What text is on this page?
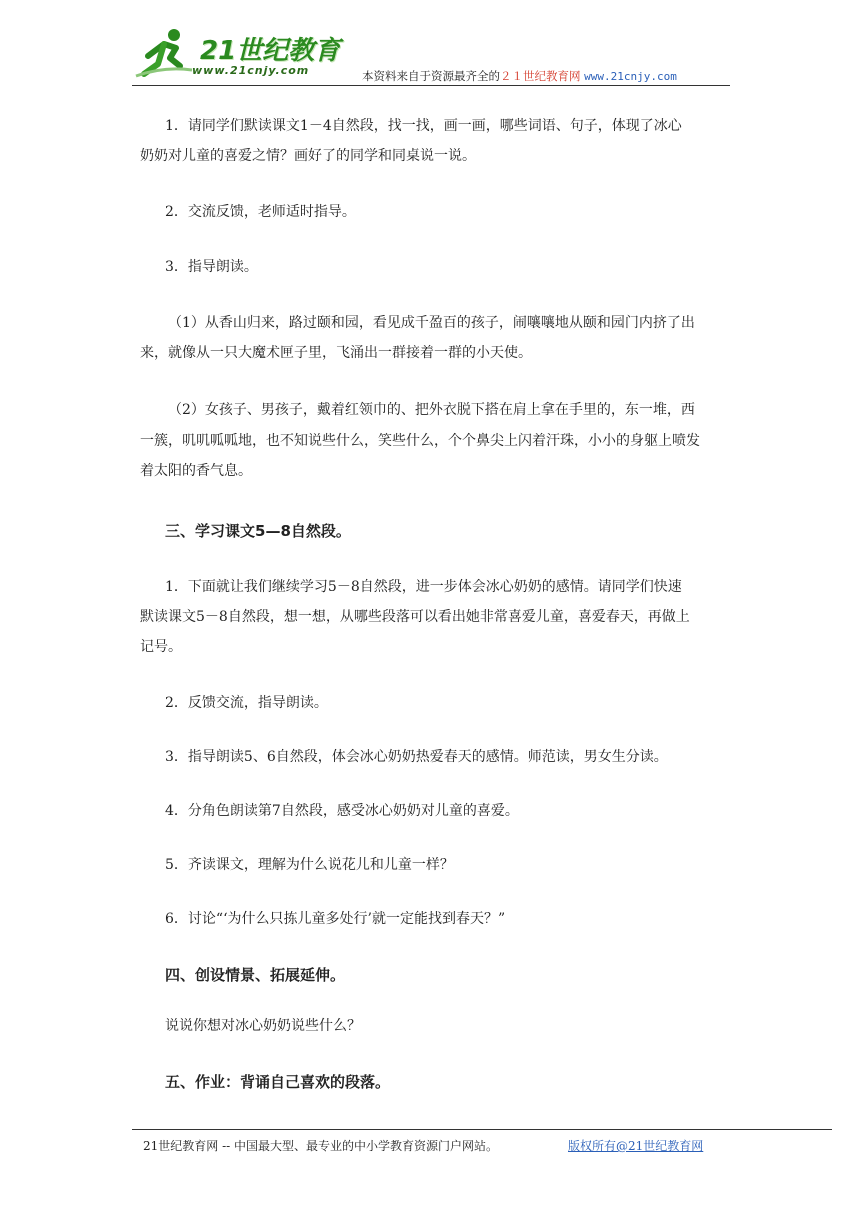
21世纪教育
www.21cnjy.com	本资料来自于资源最齐全的２１世纪教育网 www.21cnjy.com
1．请同学们默读课文1－4自然段，找一找，画一画，哪些词语、句子，体现了冰心
奶奶对儿童的喜爱之情？画好了的同学和同桌说一说。
2．交流反馈，老师适时指导。
3．指导朗读。
（1）从香山归来，路过颐和园，看见成千盈百的孩子，闹嚷嚷地从颐和园门内挤了出
来，就像从一只大魔术匣子里，飞涌出一群接着一群的小天使。
（2）女孩子、男孩子，戴着红领巾的、把外衣脱下搭在肩上拿在手里的，东一堆，西
一簇，叽叽呱呱地，也不知说些什么，笑些什么，个个鼻尖上闪着汗珠，小小的身躯上喷发
着太阳的香气息。
三、学习课文5—8自然段。
1．下面就让我们继续学习5－8自然段，进一步体会冰心奶奶的感情。请同学们快速
默读课文5－8自然段，想一想，从哪些段落可以看出她非常喜爱儿童，喜爱春天，再做上
记号。
2．反馈交流，指导朗读。
3．指导朗读5、6自然段，体会冰心奶奶热爱春天的感情。师范读，男女生分读。
4．分角色朗读第7自然段，感受冰心奶奶对儿童的喜爱。
5．齐读课文，理解为什么说花儿和儿童一样？
6．讨论“‘为什么只拣儿童多处行’就一定能找到春天？”
四、创设情景、拓展延伸。
说说你想对冰心奶奶说些什么？
五、作业：背诵自己喜欢的段落。
21世纪教育网 -- 中国最大型、最专业的中小学教育资源门户网站。	版权所有@21世纪教育网
